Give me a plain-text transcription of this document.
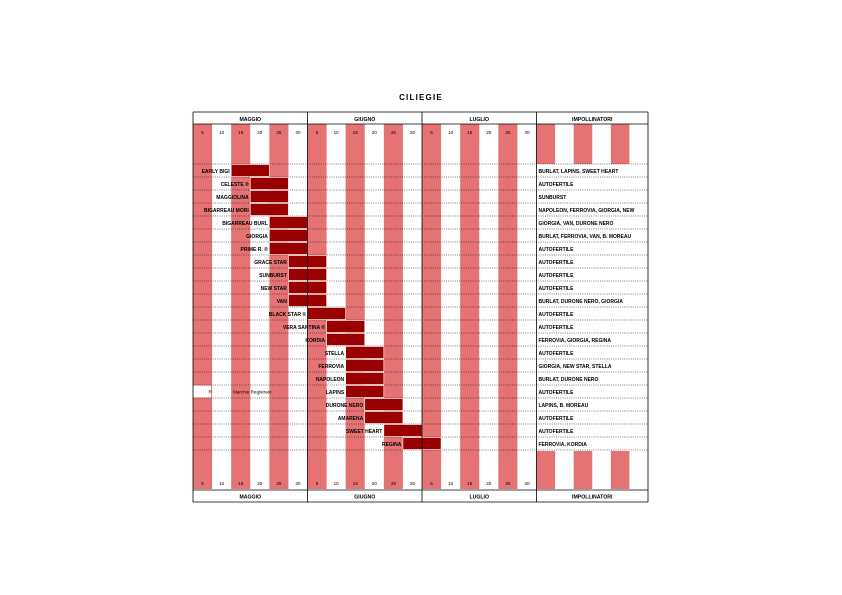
CILIEGIE
EARLY BIGI	BURLAT, LAPINS, SWEET HEART
CELESTE ®	AUTOFERTILE
MAGGIOLINA	SUNBURST
BIGARREAU MORI	NAPOLEON, FERROVIA, GIORGIA, NEW
BIGARREAU BURL	GIORGIA, VAN, DURONE NERO
GIORGIA	BURLAT, FERROVIA, VAN, B. MOREAU
PRIME R. ®	AUTOFERTILE
GRACE STAR	AUTOFERTILE
SUNBURST	AUTOFERTILE
NEW STAR	AUTOFERTILE
VAN	BURLAT, DURONE NERO, GIORGIA
BLACK STAR ®	AUTOFERTILE
VERA SANTINA ®	AUTOFERTILE
KORDIA	FERROVIA, GIORGIA, REGINA
STELLA	AUTOFERTILE
FERROVIA	GIORGIA, NEW STAR, STELLA
NAPOLEON	BURLAT, DURONE NERO
LAPINS	AUTOFERTILE
DURONE NERO	LAPINS, B. MOREAU
AMARENA	AUTOFERTILE
SWEET HEART	AUTOFERTILE
REGINA	FERROVIA, KORDIA
®	Marchio Registrato
MAGGIO
MAGGIO
GIUGNO
GIUGNO
LUGLIO
LUGLIO
IMPOLLINATORI
IMPOLLINATORI
5
5
10
10
15
15
20
20
25
25
30
30
5
5
10
10
15
15
20
20
25
25
30
30
5
5
10
10
15
15
20
20
25
25
30
30
